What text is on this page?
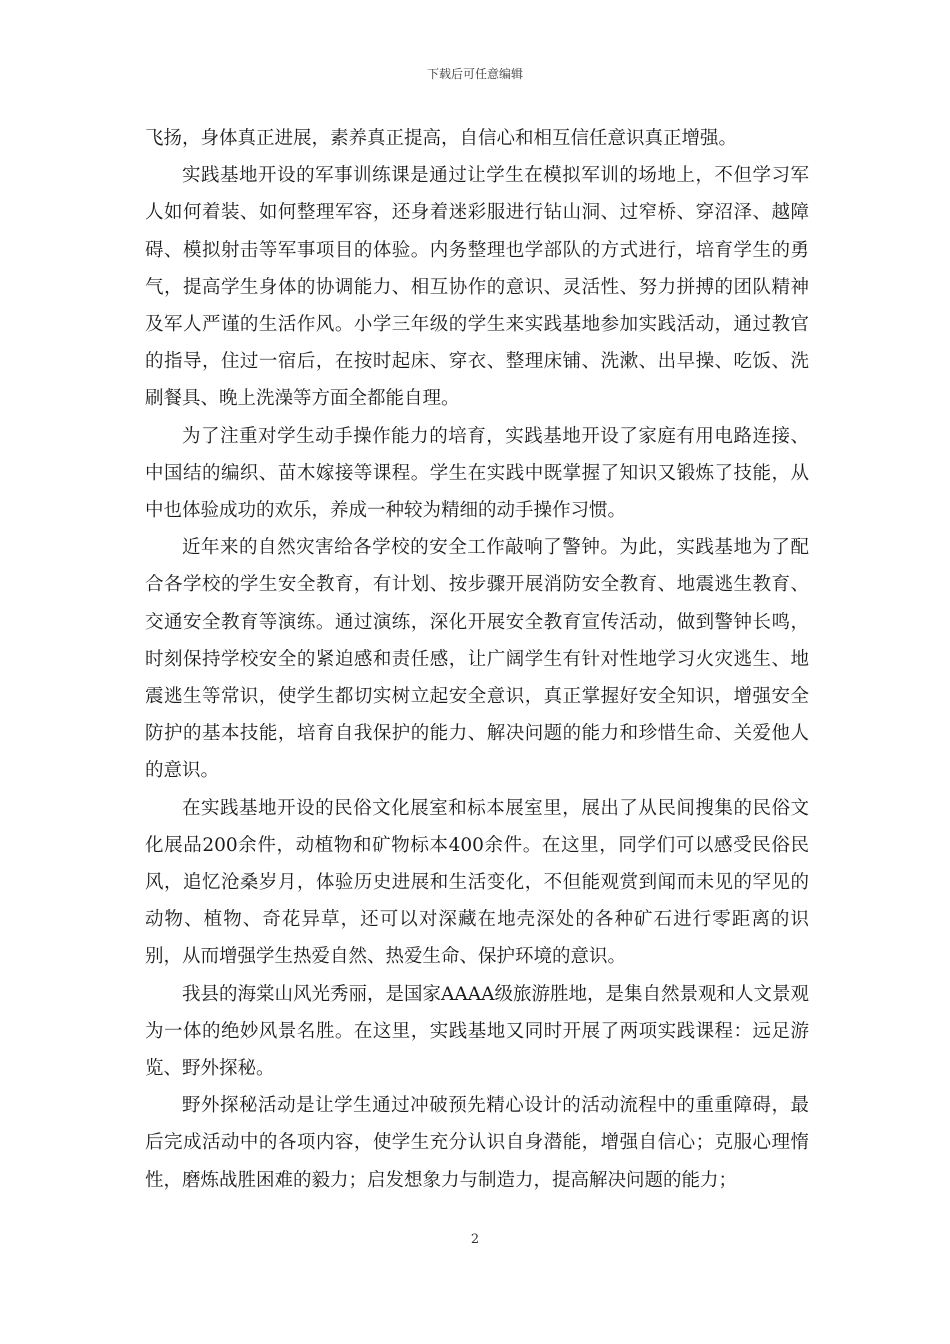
下载后可任意编辑

飞扬，身体真正进展，素养真正提高，自信心和相互信任意识真正增强。

实践基地开设的军事训练课是通过让学生在模拟军训的场地上，不但学习军人如何着装、如何整理军容，还身着迷彩服进行钻山洞、过窄桥、穿沼泽、越障碍、模拟射击等军事项目的体验。内务整理也学部队的方式进行，培育学生的勇气，提高学生身体的协调能力、相互协作的意识、灵活性、努力拼搏的团队精神及军人严谨的生活作风。小学三年级的学生来实践基地参加实践活动，通过教官的指导，住过一宿后，在按时起床、穿衣、整理床铺、洗漱、出早操、吃饭、洗刷餐具、晚上洗澡等方面全都能自理。

为了注重对学生动手操作能力的培育，实践基地开设了家庭有用电路连接、中国结的编织、苗木嫁接等课程。学生在实践中既掌握了知识又锻炼了技能，从中也体验成功的欢乐，养成一种较为精细的动手操作习惯。

近年来的自然灾害给各学校的安全工作敲响了警钟。为此，实践基地为了配合各学校的学生安全教育，有计划、按步骤开展消防安全教育、地震逃生教育、交通安全教育等演练。通过演练，深化开展安全教育宣传活动，做到警钟长鸣，时刻保持学校安全的紧迫感和责任感，让广阔学生有针对性地学习火灾逃生、地震逃生等常识，使学生都切实树立起安全意识，真正掌握好安全知识，增强安全防护的基本技能，培育自我保护的能力、解决问题的能力和珍惜生命、关爱他人的意识。

在实践基地开设的民俗文化展室和标本展室里，展出了从民间搜集的民俗文化展品200余件，动植物和矿物标本400余件。在这里，同学们可以感受民俗民风，追忆沧桑岁月，体验历史进展和生活变化，不但能观赏到闻而未见的罕见的动物、植物、奇花异草，还可以对深藏在地壳深处的各种矿石进行零距离的识别，从而增强学生热爱自然、热爱生命、保护环境的意识。

我县的海棠山风光秀丽，是国家AAAA级旅游胜地，是集自然景观和人文景观为一体的绝妙风景名胜。在这里，实践基地又同时开展了两项实践课程：远足游览、野外探秘。

野外探秘活动是让学生通过冲破预先精心设计的活动流程中的重重障碍，最后完成活动中的各项内容，使学生充分认识自身潜能，增强自信心；克服心理惰性，磨炼战胜困难的毅力；启发想象力与制造力，提高解决问题的能力；

2
